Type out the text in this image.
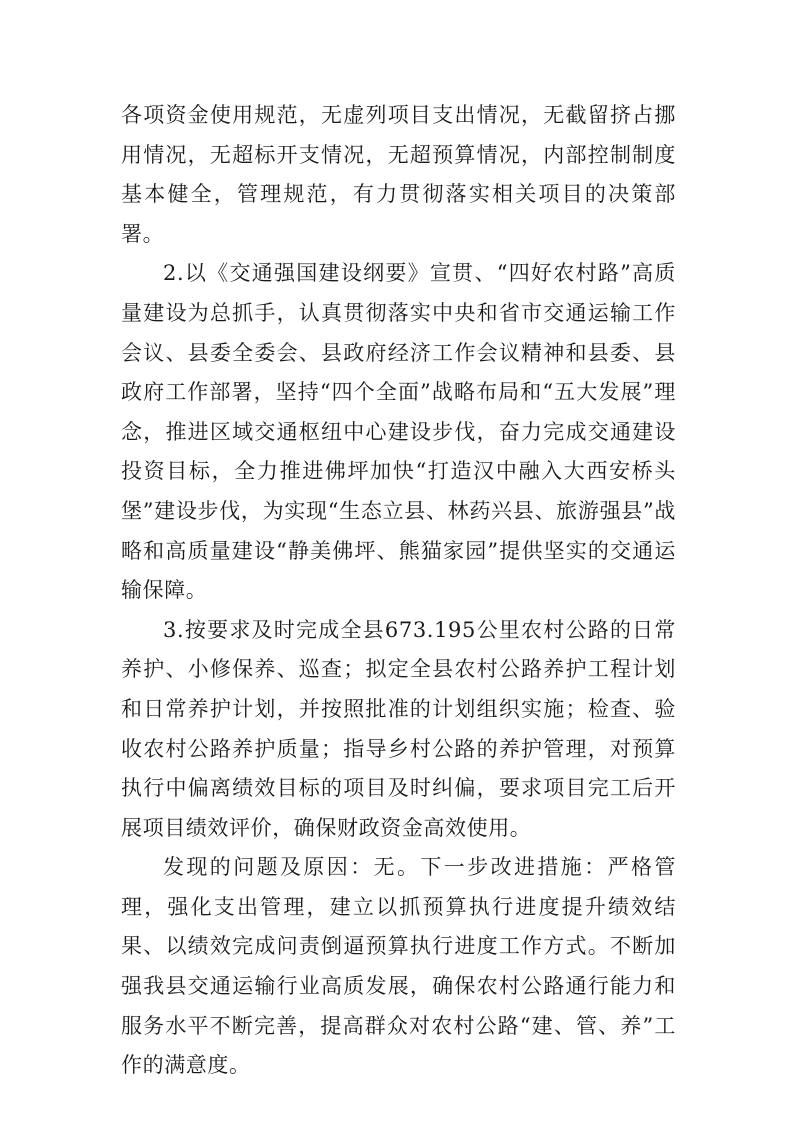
各项资金使用规范，无虚列项目支出情况，无截留挤占挪用情况，无超标开支情况，无超预算情况，内部控制制度基本健全，管理规范，有力贯彻落实相关项目的决策部署。

2.以《交通强国建设纲要》宣贯、“四好农村路”高质量建设为总抓手，认真贯彻落实中央和省市交通运输工作会议、县委全委会、县政府经济工作会议精神和县委、县政府工作部署，坚持“四个全面”战略布局和“五大发展”理念，推进区域交通枢纽中心建设步伐，奋力完成交通建设投资目标，全力推进佛坪加快“打造汉中融入大西安桥头堡”建设步伐，为实现“生态立县、林药兴县、旅游强县”战略和高质量建设“静美佛坪、熊猫家园”提供坚实的交通运输保障。

3.按要求及时完成全县673.195公里农村公路的日常养护、小修保养、巡查；拟定全县农村公路养护工程计划和日常养护计划，并按照批准的计划组织实施；检查、验收农村公路养护质量；指导乡村公路的养护管理，对预算执行中偏离绩效目标的项目及时纠偏，要求项目完工后开展项目绩效评价，确保财政资金高效使用。

发现的问题及原因：无。下一步改进措施：严格管理，强化支出管理，建立以抓预算执行进度提升绩效结果、以绩效完成问责倒逼预算执行进度工作方式。不断加强我县交通运输行业高质发展，确保农村公路通行能力和服务水平不断完善，提高群众对农村公路“建、管、养”工作的满意度。
